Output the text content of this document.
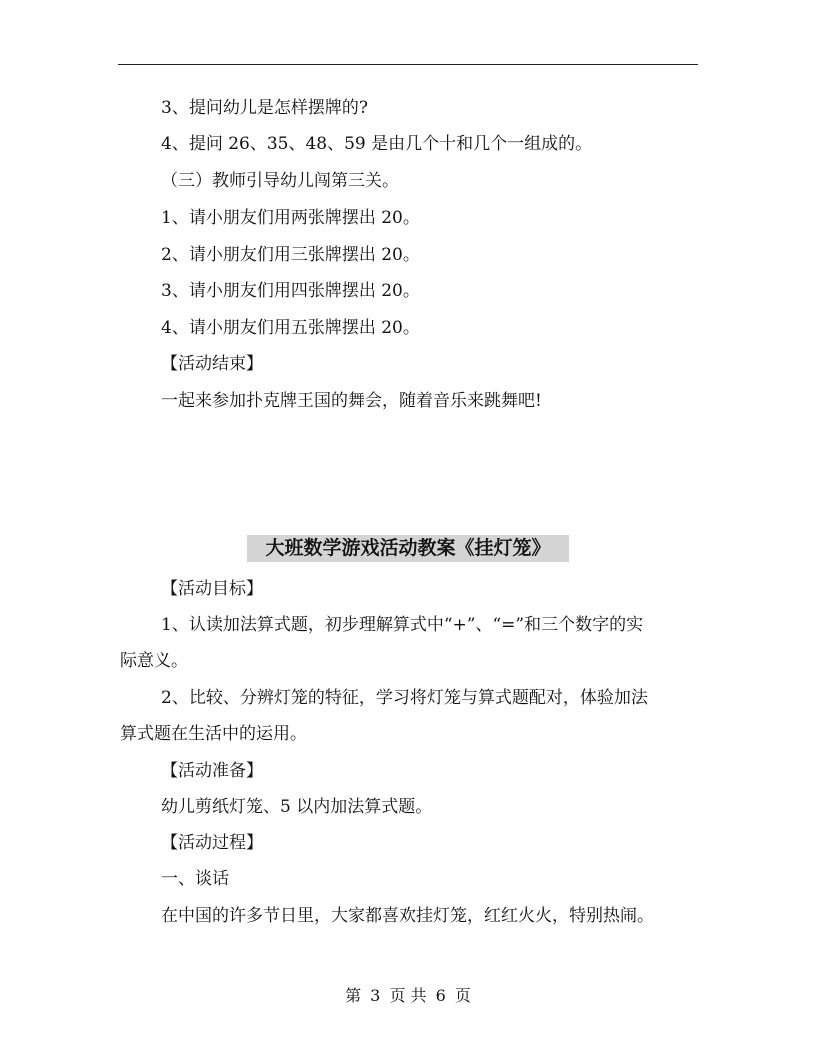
3、提问幼儿是怎样摆牌的?
4、提问 26、35、48、59 是由几个十和几个一组成的。
（三）教师引导幼儿闯第三关。
1、请小朋友们用两张牌摆出 20。
2、请小朋友们用三张牌摆出 20。
3、请小朋友们用四张牌摆出 20。
4、请小朋友们用五张牌摆出 20。
【活动结束】
一起来参加扑克牌王国的舞会，随着音乐来跳舞吧!
大班数学游戏活动教案《挂灯笼》
【活动目标】
1、认读加法算式题，初步理解算式中“+”、“=”和三个数字的实
际意义。
2、比较、分辨灯笼的特征，学习将灯笼与算式题配对，体验加法
算式题在生活中的运用。
【活动准备】
幼儿剪纸灯笼、5 以内加法算式题。
【活动过程】
一、谈话
在中国的许多节日里，大家都喜欢挂灯笼，红红火火，特别热闹。
第 3 页 共 6 页
